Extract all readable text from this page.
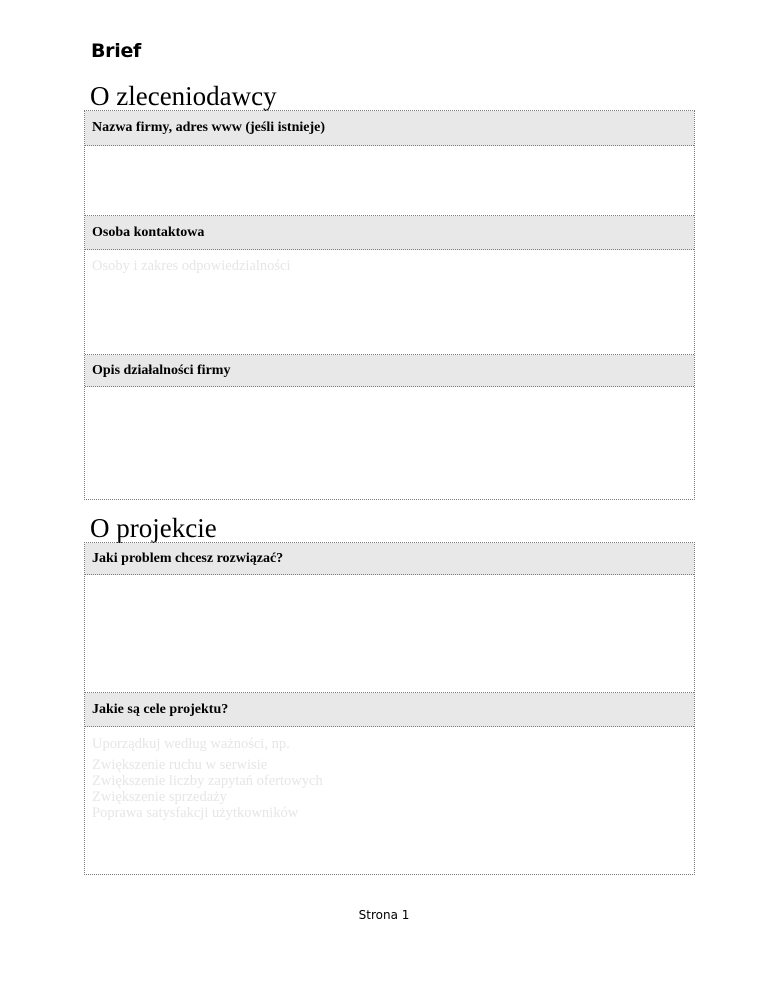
Brief
O zleceniodawcy
Nazwa firmy, adres www (jeśli istnieje)
Osoba kontaktowa
Osoby i zakres odpowiedzialności
Opis działalności firmy
O projekcie
Jaki problem chcesz rozwiązać?
Jakie są cele projektu?
Uporządkuj według ważności, np.
Zwiększenie ruchu w serwisie
Zwiększenie liczby zapytań ofertowych
Zwiększenie sprzedaży
Poprawa satysfakcji użytkowników
Strona 1
